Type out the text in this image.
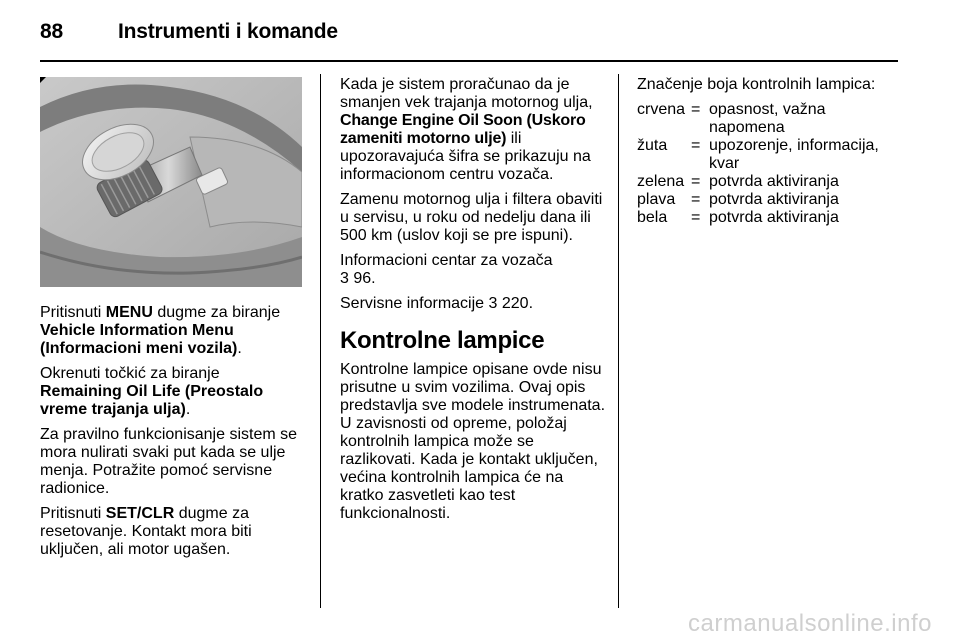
88	Instrumenti i komande

Pritisnuti MENU dugme za biranje Vehicle Information Menu (Informacioni meni vozila).

Okrenuti točkić za biranje Remaining Oil Life (Preostalo vreme trajanja ulja).

Za pravilno funkcionisanje sistem se mora nulirati svaki put kada se ulje menja. Potražite pomoć servisne radionice.

Pritisnuti SET/CLR dugme za resetovanje. Kontakt mora biti uključen, ali motor ugašen.

Kada je sistem proračunao da je smanjen vek trajanja motornog ulja, Change Engine Oil Soon (Uskoro zameniti motorno ulje) ili upozoravajuća šifra se prikazuju na informacionom centru vozača.

Zamenu motornog ulja i filtera obaviti u servisu, u roku od nedelju dana ili 500 km (uslov koji se pre ispuni).

Informacioni centar za vozača
3 96.

Servisne informacije 3 220.

Kontrolne lampice

Kontrolne lampice opisane ovde nisu prisutne u svim vozilima. Ovaj opis predstavlja sve modele instrumenata. U zavisnosti od opreme, položaj kontrolnih lampica može se razlikovati. Kada je kontakt uključen, većina kontrolnih lampica će na kratko zasvetleti kao test funkcionalnosti.

Značenje boja kontrolnih lampica:

crvena	=	opasnost, važna napomena
žuta	=	upozorenje, informacija, kvar
zelena	=	potvrda aktiviranja
plava	=	potvrda aktiviranja
bela	=	potvrda aktiviranja
carmanualsonline.info
